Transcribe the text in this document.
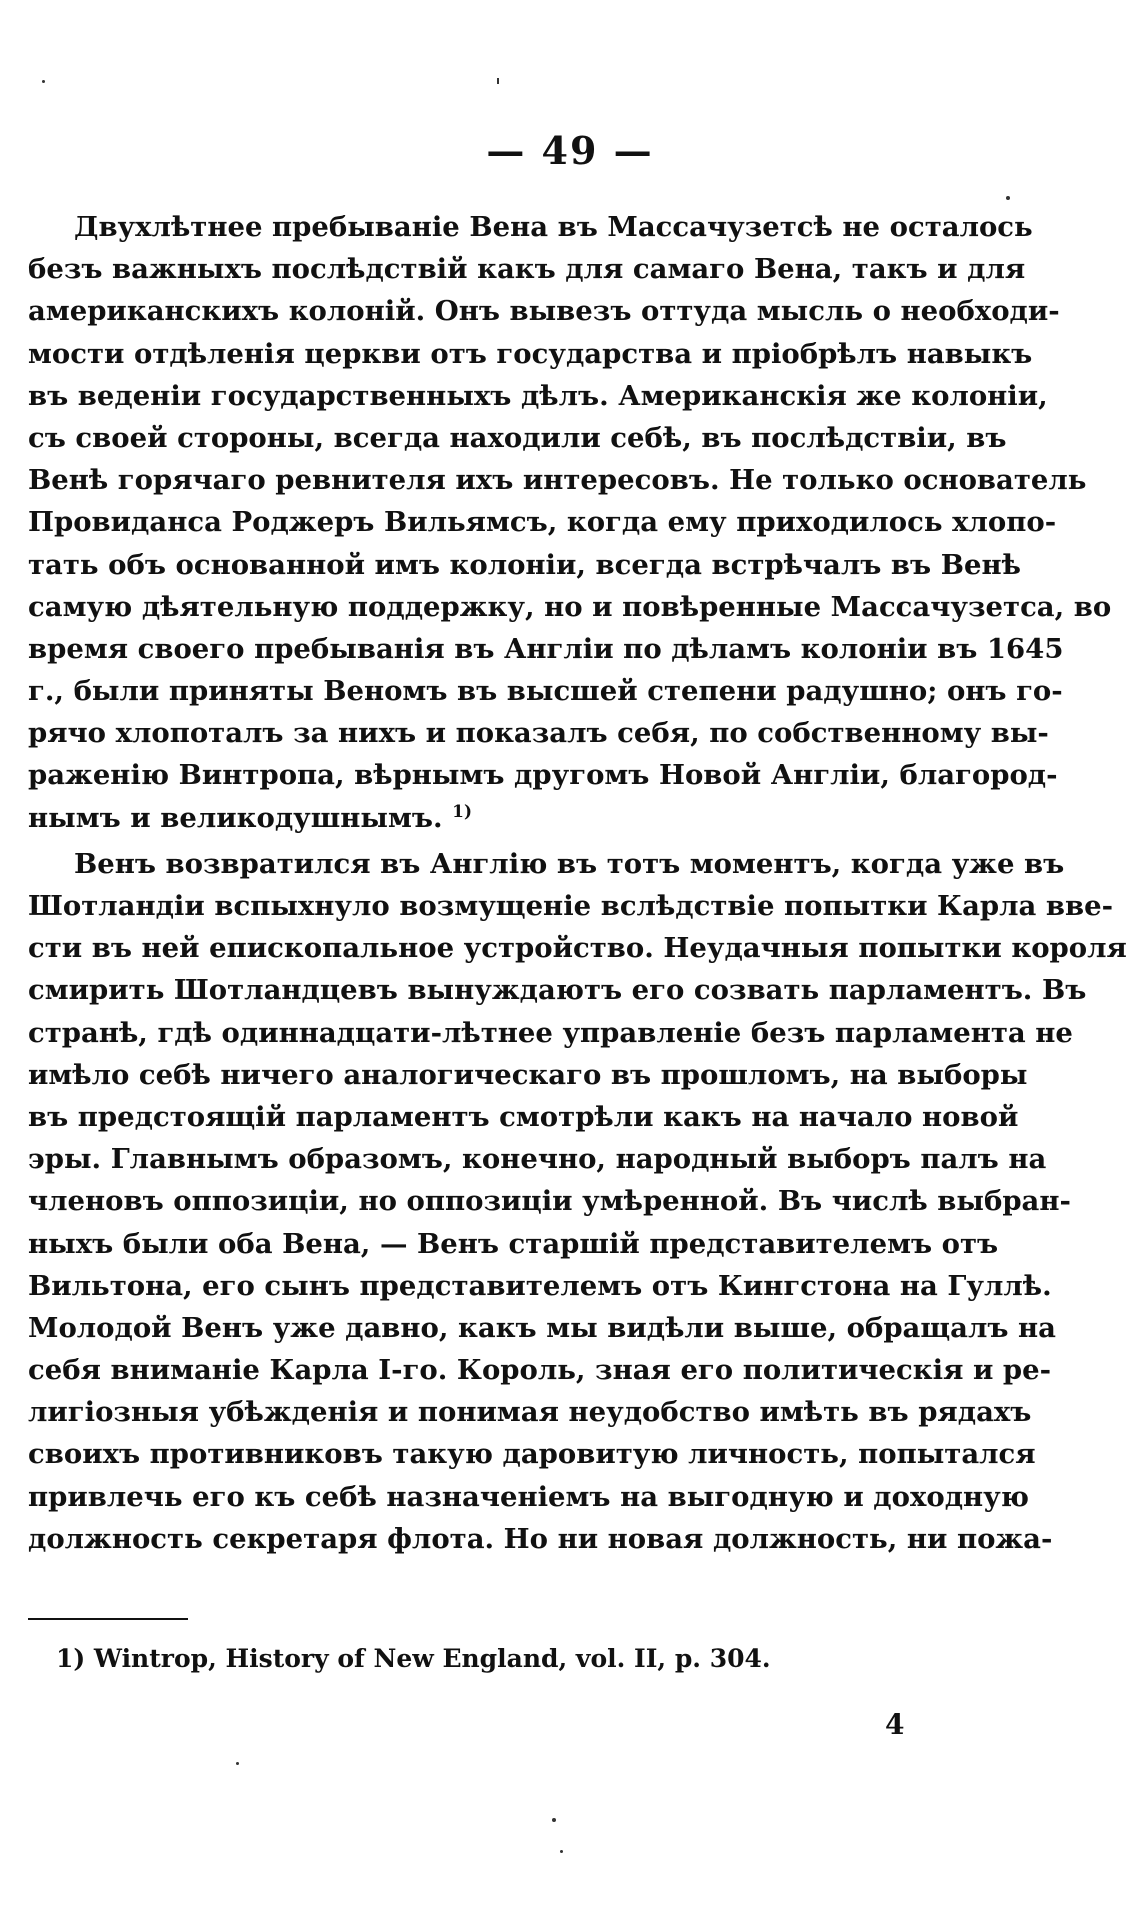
— 49 —
Двухлѣтнее пребываніе Вена въ Массачузетсѣ не осталось
безъ важныхъ послѣдствій какъ для самаго Вена, такъ и для
американскихъ колоній. Онъ вывезъ оттуда мысль о необходи-
мости отдѣленія церкви отъ государства и пріобрѣлъ навыкъ
въ веденіи государственныхъ дѣлъ. Американскія же колоніи,
съ своей стороны, всегда находили себѣ, въ послѣдствіи, въ
Венѣ горячаго ревнителя ихъ интересовъ. Не только основатель
Провиданса Роджеръ Вильямсъ, когда ему приходилось хлопо-
тать объ основанной имъ колоніи, всегда встрѣчалъ въ Венѣ
самую дѣятельную поддержку, но и повѣренные Массачузетса, во
время своего пребыванія въ Англіи по дѣламъ колоніи въ 1645
г., были приняты Веномъ въ высшей степени радушно; онъ го-
рячо хлопоталъ за нихъ и показалъ себя, по собственному вы-
раженію Винтропа, вѣрнымъ другомъ Новой Англіи, благород-
нымъ и великодушнымъ. $^{1)}$
Венъ возвратился въ Англію въ тотъ моментъ, когда уже въ
Шотландіи вспыхнуло возмущеніе вслѣдствіе попытки Карла вве-
сти въ ней епископальное устройство. Неудачныя попытки короля
смирить Шотландцевъ вынуждаютъ его созвать парламентъ. Въ
странѣ, гдѣ одиннадцати-лѣтнее управленіе безъ парламента не
имѣло себѣ ничего аналогическаго въ прошломъ, на выборы
въ предстоящій парламентъ смотрѣли какъ на начало новой
эры. Главнымъ образомъ, конечно, народный выборъ палъ на
членовъ оппозиціи, но оппозиціи умѣренной. Въ числѣ выбран-
ныхъ были оба Вена, — Венъ старшій представителемъ отъ
Вильтона, его сынъ представителемъ отъ Кингстона на Гуллѣ.
Молодой Венъ уже давно, какъ мы видѣли выше, обращалъ на
себя вниманіе Карла I-го. Король, зная его политическія и ре-
лигіозныя убѣжденія и понимая неудобство имѣть въ рядахъ
своихъ противниковъ такую даровитую личность, попытался
привлечь его къ себѣ назначеніемъ на выгодную и доходную
должность секретаря флота. Но ни новая должность, ни пожа-
1) Wintrop, History of New England, vol. II, p. 304.
4
